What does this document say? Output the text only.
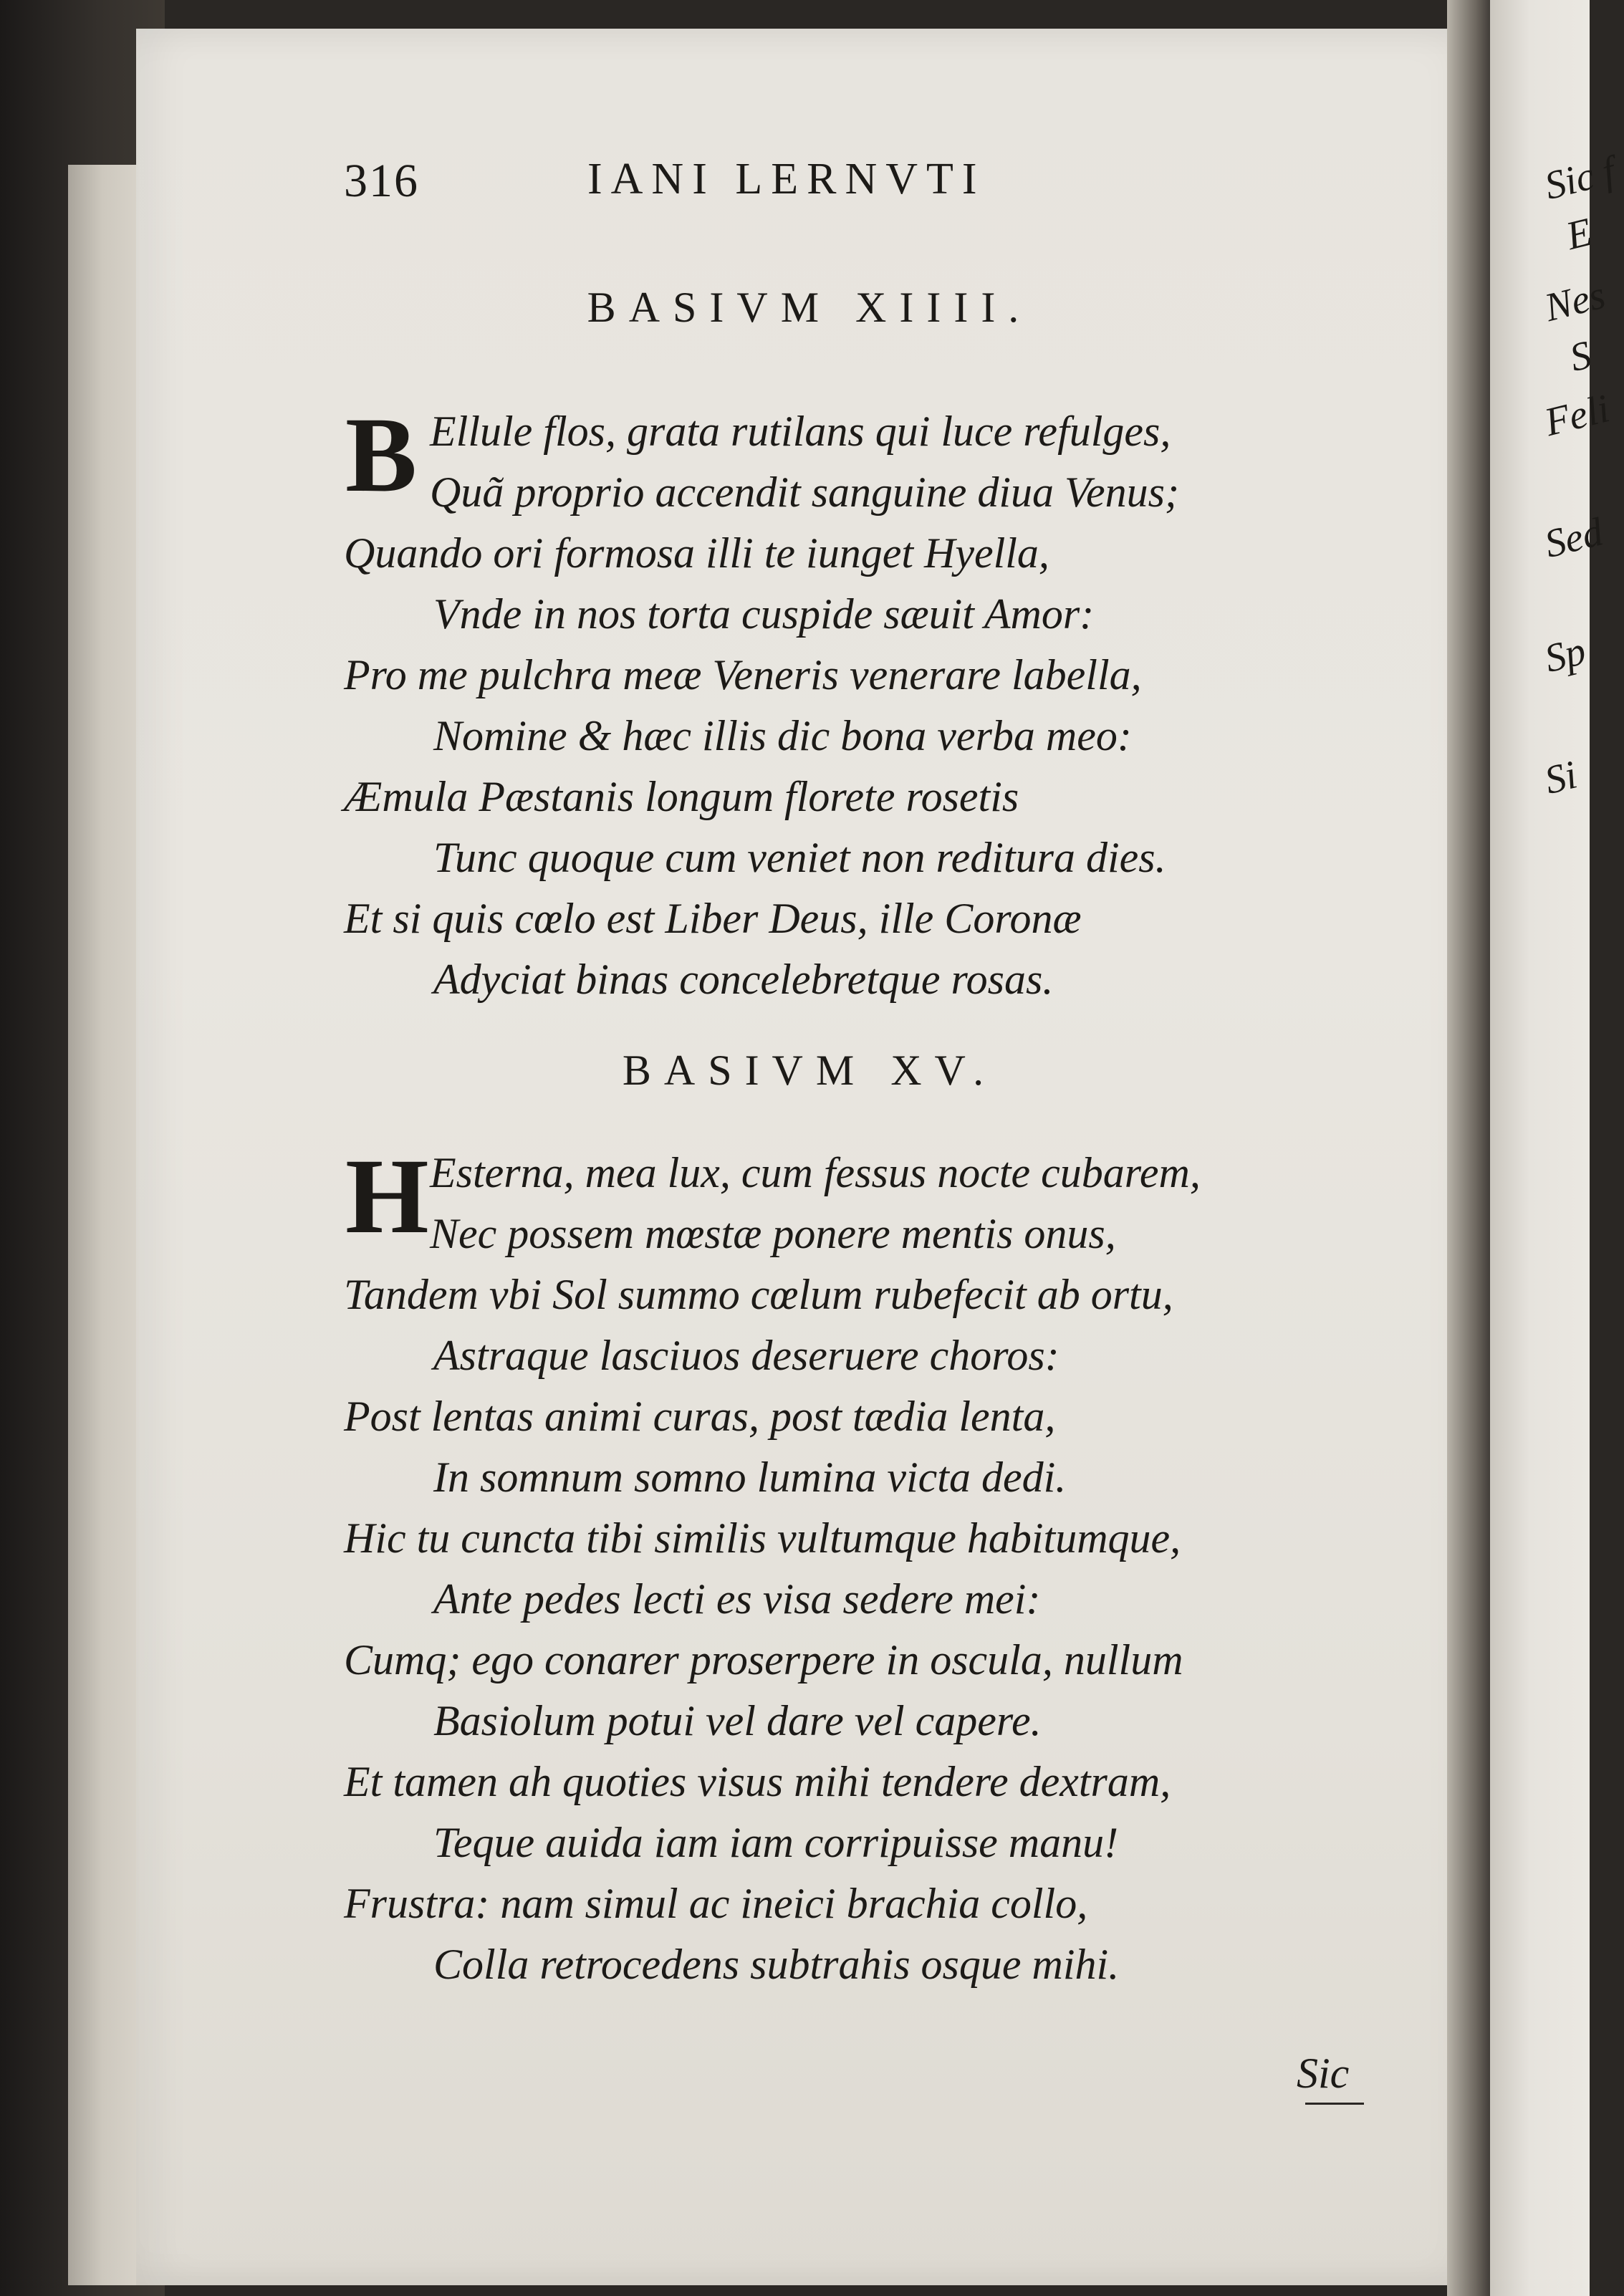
Sic f
E
Nes
S
Feli
Sed
Sp
Si
316	IANI LERNVTI
BASIVM XIIII.
B Ellule flos, grata rutilans qui luce refulges,
Quã proprio accendit sanguine diua Venus;
Quando ori formosa illi te iunget Hyella,
Vnde in nos torta cuspide sæuit Amor:
Pro me pulchra meæ Veneris venerare labella,
Nomine & hæc illis dic bona verba meo:
Æmula Pæstanis longum florete rosetis
Tunc quoque cum veniet non reditura dies.
Et si quis cœlo est Liber Deus, ille Coronæ
Adyciat binas concelebretque rosas.
BASIVM XV.
H Esterna, mea lux, cum fessus nocte cubarem,
Nec possem mœstæ ponere mentis onus,
Tandem vbi Sol summo cœlum rubefecit ab ortu,
Astraque lasciuos deseruere choros:
Post lentas animi curas, post tædia lenta,
In somnum somno lumina victa dedi.
Hic tu cuncta tibi similis vultumque habitumque,
Ante pedes lecti es visa sedere mei:
Cumq; ego conarer proserpere in oscula, nullum
Basiolum potui vel dare vel capere.
Et tamen ah quoties visus mihi tendere dextram,
Teque auida iam iam corripuisse manu!
Frustra: nam simul ac ineici brachia collo,
Colla retrocedens subtrahis osque mihi.
Sic
